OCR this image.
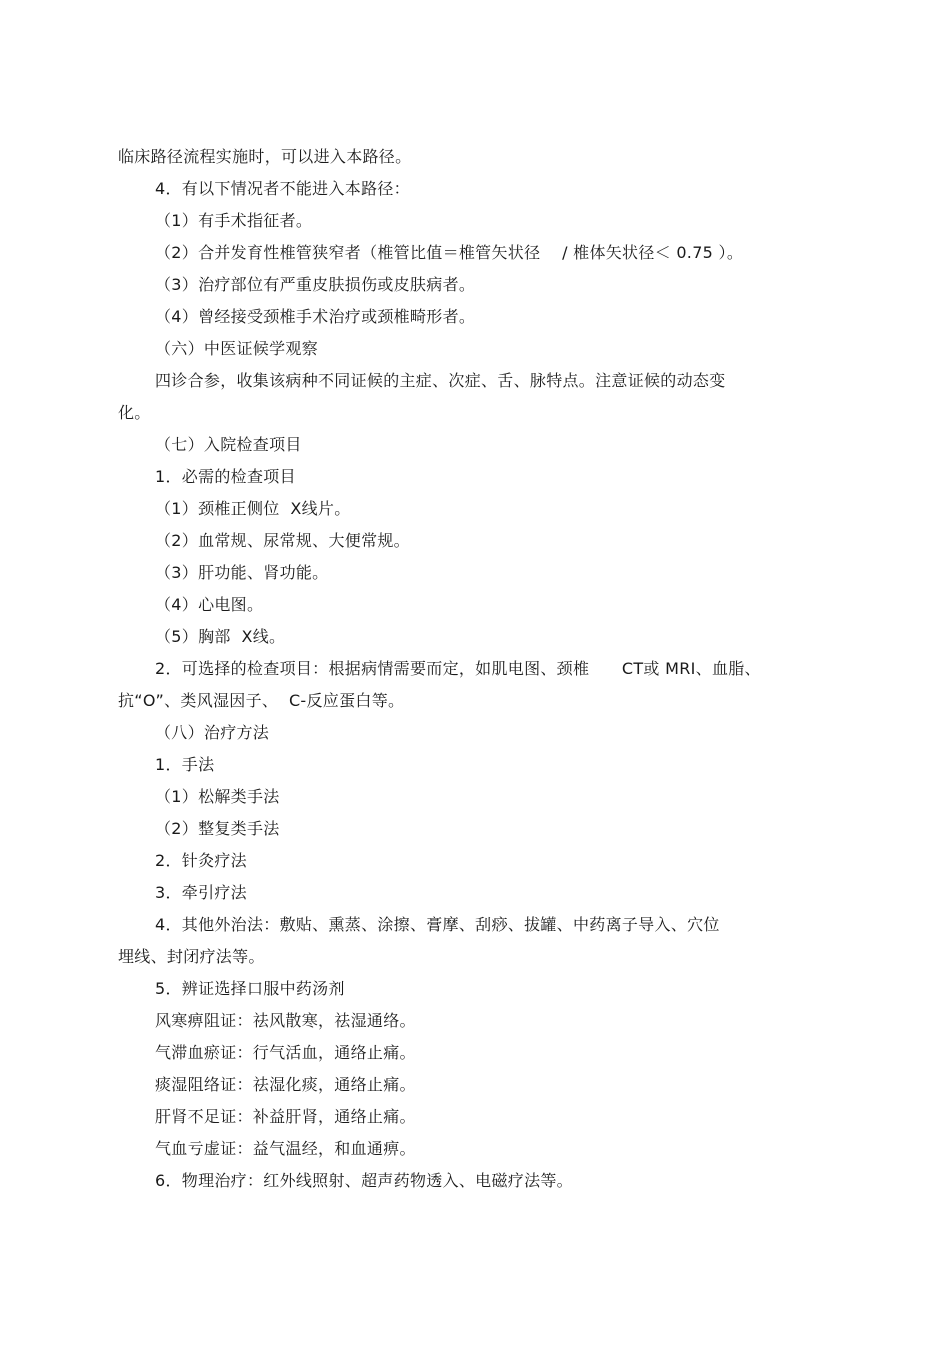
临床路径流程实施时，可以进入本路径。
4．有以下情况者不能进入本路径：
（1）有手术指征者。
（2）合并发育性椎管狭窄者（椎管比值＝椎管矢状径　 / 椎体矢状径＜ 0.75 ）。
（3）治疗部位有严重皮肤损伤或皮肤病者。
（4）曾经接受颈椎手术治疗或颈椎畸形者。
（六）中医证候学观察
四诊合参，收集该病种不同证候的主症、次症、舌、脉特点。注意证候的动态变
化。
（七）入院检查项目
1．必需的检查项目
（1）颈椎正侧位  X线片。
（2）血常规、尿常规、大便常规。
（3）肝功能、肾功能。
（4）心电图。
（5）胸部  X线。
2．可选择的检查项目：根据病情需要而定，如肌电图、颈椎　　CT或 MRI、血脂、
抗“O”、类风湿因子、  C-反应蛋白等。
（八）治疗方法
1．手法
（1）松解类手法
（2）整复类手法
2．针灸疗法
3．牵引疗法
4．其他外治法：敷贴、熏蒸、涂擦、膏摩、刮痧、拔罐、中药离子导入、穴位
埋线、封闭疗法等。
5．辨证选择口服中药汤剂
风寒痹阻证：祛风散寒，祛湿通络。
气滞血瘀证：行气活血，通络止痛。
痰湿阻络证：祛湿化痰，通络止痛。
肝肾不足证：补益肝肾，通络止痛。
气血亏虚证：益气温经，和血通痹。
6．物理治疗：红外线照射、超声药物透入、电磁疗法等。
